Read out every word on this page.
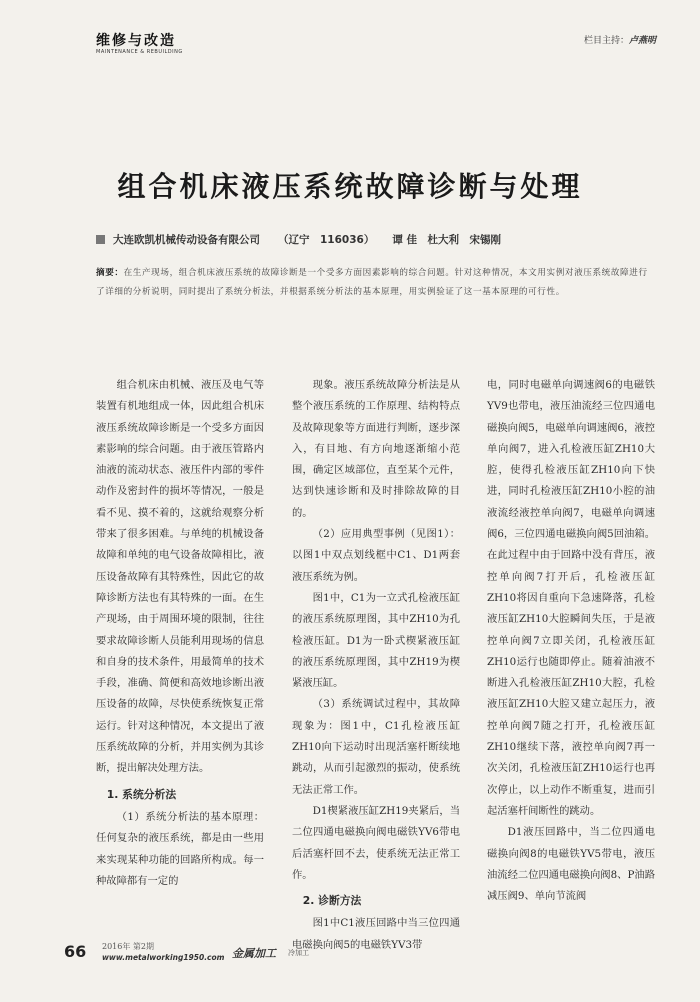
维修与改造
MAINTENANCE & REBUILDING
栏目主持：卢燕明
组合机床液压系统故障诊断与处理
大连欧凯机械传动设备有限公司 （辽宁　116036） 谭 佳　杜大利　宋锡刚
摘要：在生产现场，组合机床液压系统的故障诊断是一个受多方面因素影响的综合问题。针对这种情况，本文用实例对液压系统故障进行了详细的分析说明，同时提出了系统分析法，并根据系统分析法的基本原理，用实例验证了这一基本原理的可行性。

组合机床由机械、液压及电气等装置有机地组成一体，因此组合机床液压系统故障诊断是一个受多方面因素影响的综合问题。由于液压管路内油液的流动状态、液压件内部的零件动作及密封件的损坏等情况，一般是看不见、摸不着的，这就给观察分析带来了很多困难。与单纯的机械设备故障和单纯的电气设备故障相比，液压设备故障有其特殊性，因此它的故障诊断方法也有其特殊的一面。在生产现场，由于周围环境的限制，往往要求故障诊断人员能利用现场的信息和自身的技术条件，用最简单的技术手段，准确、简便和高效地诊断出液压设备的故障，尽快使系统恢复正常运行。针对这种情况，本文提出了液压系统故障的分析，并用实例为其诊断，提出解决处理方法。

1. 系统分析法

（1）系统分析法的基本原理：任何复杂的液压系统，都是由一些用来实现某种功能的回路所构成。每一种故障都有一定的

现象。液压系统故障分析法是从整个液压系统的工作原理、结构特点及故障现象等方面进行判断，逐步深入，有目地、有方向地逐渐缩小范围，确定区域部位，直至某个元件，达到快速诊断和及时排除故障的目的。

（2）应用典型事例（见图1）：以图1中双点划线框中C1、D1两套液压系统为例。

图1中，C1为一立式孔检液压缸的液压系统原理图，其中ZH10为孔检液压缸。D1为一卧式楔紧液压缸的液压系统原理图，其中ZH19为楔紧液压缸。

（3）系统调试过程中，其故障现象为：图1中，C1孔检液压缸ZH10向下运动时出现活塞杆断续地跳动，从而引起激烈的振动，使系统无法正常工作。

D1楔紧液压缸ZH19夹紧后，当二位四通电磁换向阀电磁铁YV6带电后活塞杆回不去，使系统无法正常工作。

2. 诊断方法

图1中C1液压回路中当三位四通电磁换向阀5的电磁铁YV3带

电，同时电磁单向调速阀6的电磁铁YV9也带电，液压油流经三位四通电磁换向阀5，电磁单向调速阀6，液控单向阀7，进入孔检液压缸ZH10大腔，使得孔检液压缸ZH10向下快进，同时孔检液压缸ZH10小腔的油液流经液控单向阀7，电磁单向调速阀6，三位四通电磁换向阀5回油箱。在此过程中由于回路中没有背压，液控单向阀7打开后，孔检液压缸ZH10将因自重向下急速降落，孔检液压缸ZH10大腔瞬间失压，于是液控单向阀7立即关闭，孔检液压缸ZH10运行也随即停止。随着油液不断进入孔检液压缸ZH10大腔，孔检液压缸ZH10大腔又建立起压力，液控单向阀7随之打开，孔检液压缸ZH10继续下落，液控单向阀7再一次关闭，孔检液压缸ZH10运行也再次停止，以上动作不断重复，进而引起活塞杆间断性的跳动。

D1液压回路中，当二位四通电磁换向阀8的电磁铁YV5带电，液压油流经二位四通电磁换向阀8、P油路减压阀9、单向节流阀

66 2016年 第2期
www.metalworking1950.com 金属加工 冷加工
